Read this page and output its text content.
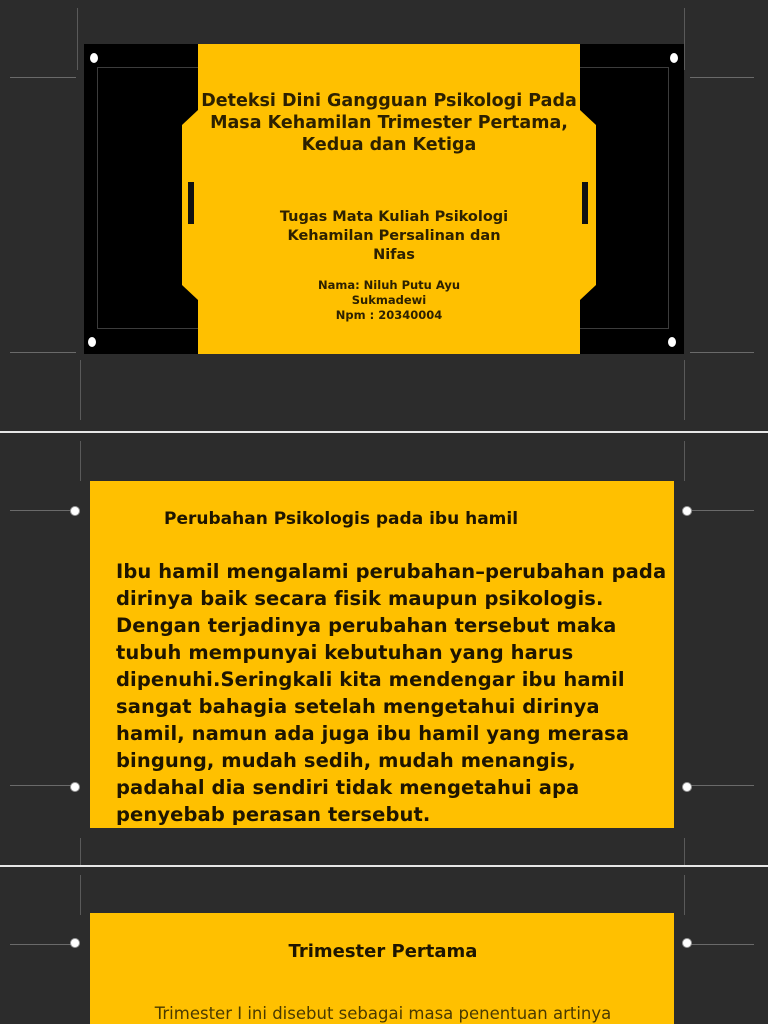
Deteksi Dini Gangguan Psikologi Pada Masa Kehamilan Trimester Pertama, Kedua dan Ketiga
Tugas Mata Kuliah Psikologi Kehamilan Persalinan dan Nifas
Nama: Niluh Putu Ayu
Sukmadewi
Npm : 20340004
Perubahan Psikologis pada ibu hamil
Ibu hamil mengalami perubahan–perubahan pada dirinya baik secara fisik maupun psikologis. Dengan terjadinya perubahan tersebut maka tubuh mempunyai kebutuhan yang harus dipenuhi.Seringkali kita mendengar ibu hamil sangat bahagia setelah mengetahui dirinya hamil, namun ada juga ibu hamil yang merasa bingung, mudah sedih, mudah menangis, padahal dia sendiri tidak mengetahui apa penyebab perasan tersebut.
Trimester Pertama
Trimester I ini disebut sebagai masa penentuan artinya
